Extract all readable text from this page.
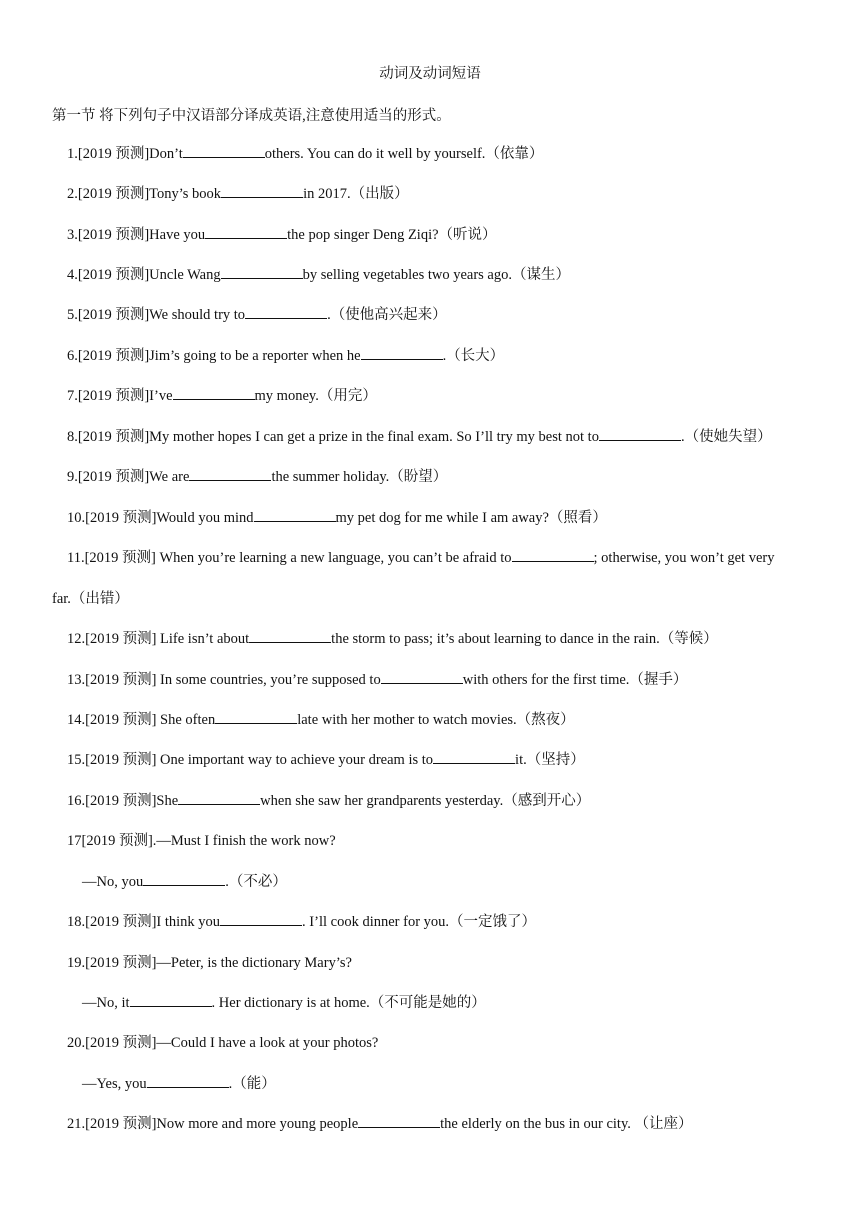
动词及动词短语
第一节 将下列句子中汉语部分译成英语,注意使用适当的形式。
1.[2019 预测]Don’t	others. You can do it well by yourself.（依靠）
2.[2019 预测]Tony’s book	in 2017.（出版）
3.[2019 预测]Have you	the pop singer Deng Ziqi?（听说）
4.[2019 预测]Uncle Wang	by selling vegetables two years ago.（谋生）
5.[2019 预测]We should try to	.（使他高兴起来）
6.[2019 预测]Jim’s going to be a reporter when he	.（长大）
7.[2019 预测]I’ve	my money.（用完）
8.[2019 预测]My mother hopes I can get a prize in the final exam. So I’ll try my best not to	.（使她失望）
9.[2019 预测]We are	the summer holiday.（盼望）
10.[2019 预测]Would you mind	my pet dog for me while I am away?（照看）
11.[2019 预测] When you’re learning a new language, you can’t be afraid to	; otherwise, you won’t get very
far.（出错）
12.[2019 预测] Life isn’t about	the storm to pass; it’s about learning to dance in the rain.（等候）
13.[2019 预测] In some countries, you’re supposed to	with others for the first time.（握手）
14.[2019 预测] She often	late with her mother to watch movies.（熬夜）
15.[2019 预测] One important way to achieve your dream is to	it.（坚持）
16.[2019 预测]She	when she saw her grandparents yesterday.（感到开心）
17[2019 预测].—Must I finish the work now?
—No, you	.（不必）
18.[2019 预测]I think you	. I’ll cook dinner for you.（一定饿了）
19.[2019 预测]—Peter, is the dictionary Mary’s?
—No, it	. Her dictionary is at home.（不可能是她的）
20.[2019 预测]—Could I have a look at your photos?
—Yes, you	.（能）
21.[2019 预测]Now more and more young people	the elderly on the bus in our city. （让座）
